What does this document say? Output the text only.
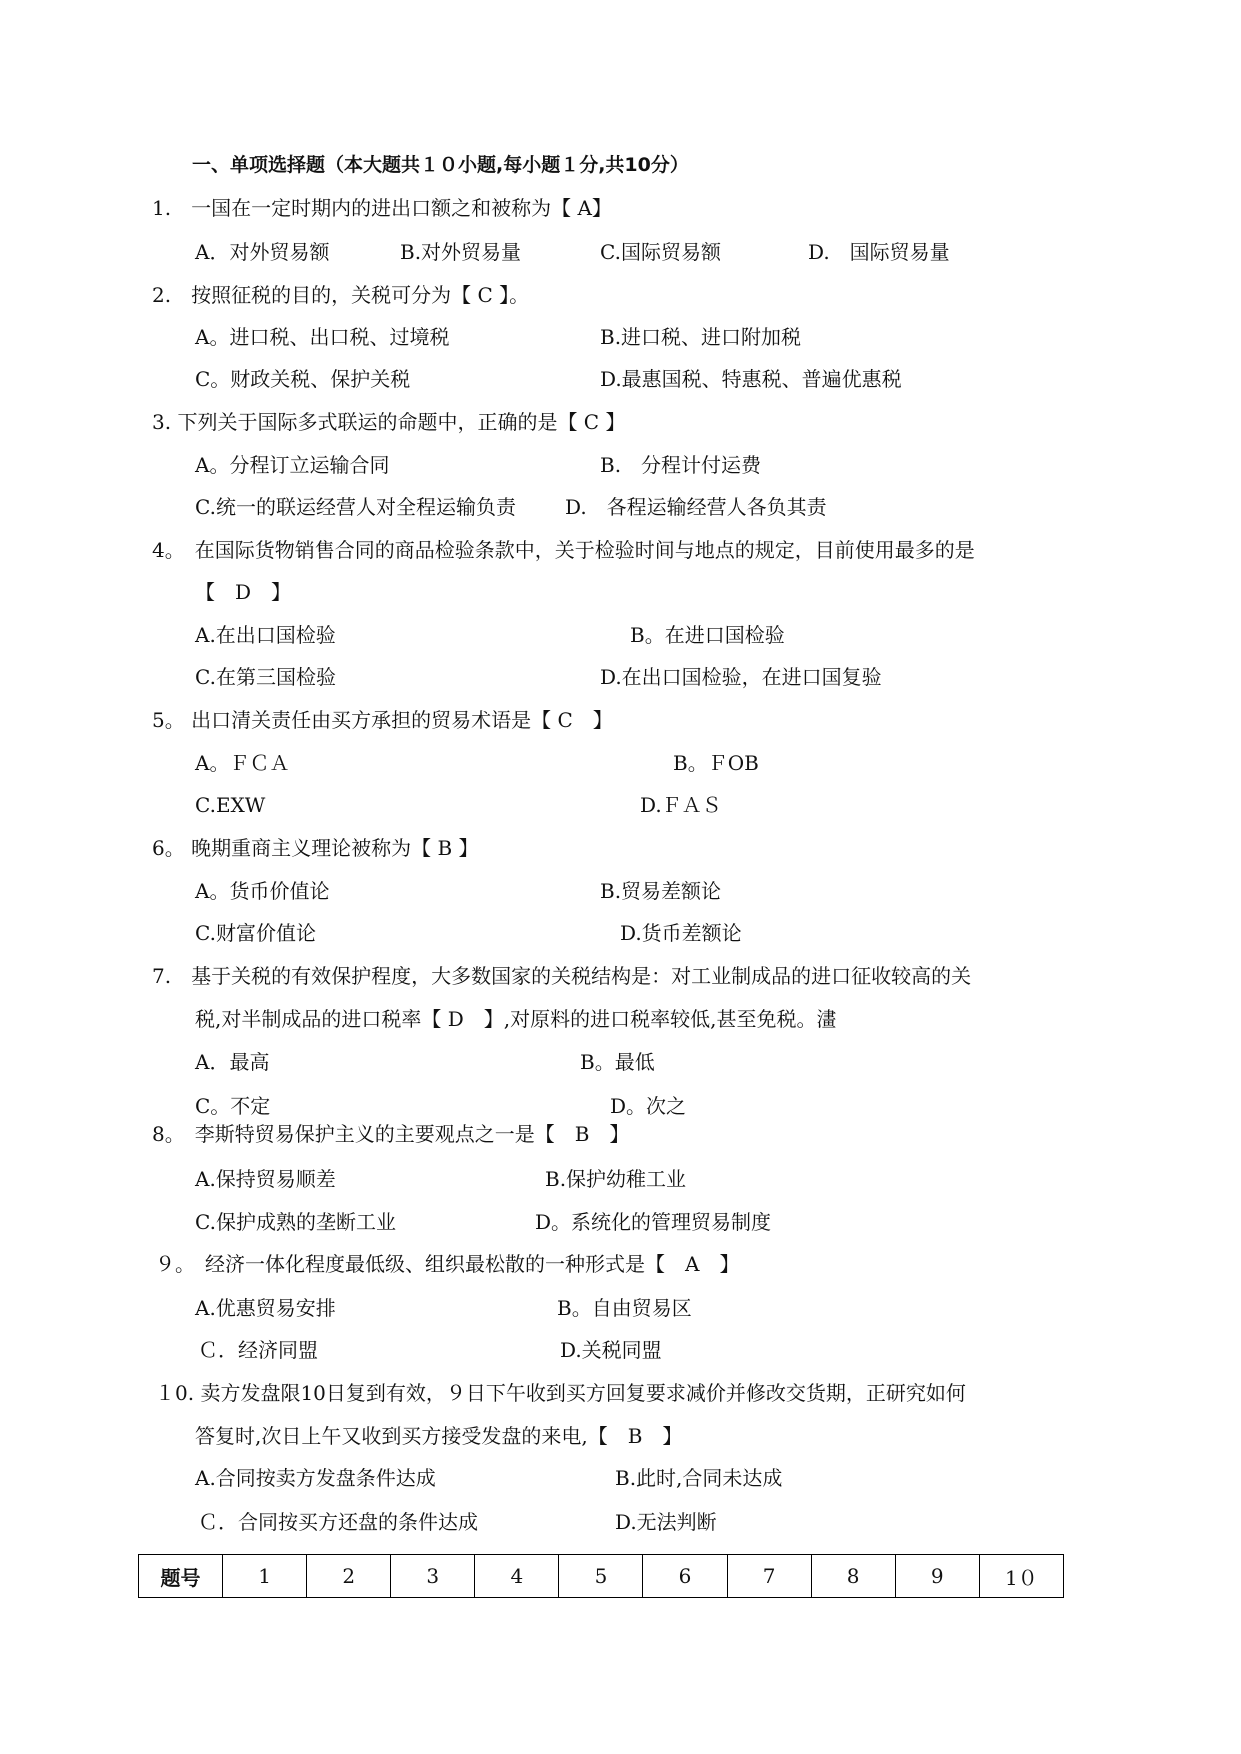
一、单项选择题（本大题共１０小题,每小题１分,共10分）
1.　一国在一定时期内的进出口额之和被称为【 A】
A．对外贸易额	B.对外贸易量	C.国际贸易额	D.　国际贸易量
2.　按照征税的目的，关税可分为【 C 】。
A。进口税、出口税、过境税	B.进口税、进口附加税
C。财政关税、保护关税	D.最惠国税、特惠税、普遍优惠税
3. 下列关于国际多式联运的命题中，正确的是【 C 】
A。分程订立运输合同	B.　分程计付运费
C.统一的联运经营人对全程运输负责 D.　各程运输经营人各负其责
4。　在国际货物销售合同的商品检验条款中，关于检验时间与地点的规定，目前使用最多的是
【　D　】
A.在出口国检验	B。在进口国检验
C.在第三国检验	D.在出口国检验，在进口国复验
5。 出口清关责任由买方承担的贸易术语是【 C　】
A。ＦＣＡ	B。ＦOB
C.EXW	D.ＦＡＳ
6。 晚期重商主义理论被称为【 B 】
A。货币价值论	B.贸易差额论
C.财富价值论	D.货币差额论
7.　基于关税的有效保护程度，大多数国家的关税结构是：对工业制成品的进口征收较高的关
税,对半制成品的进口税率【 D　】,对原料的进口税率较低,甚至免税。澅
A．最高	B。最低
C。不定	D。次之
8。　李斯特贸易保护主义的主要观点之一是【　B　】
A.保持贸易顺差	B.保护幼稚工业
C.保护成熟的垄断工业	D。系统化的管理贸易制度
９。　经济一体化程度最低级、组织最松散的一种形式是【　A　】
A.优惠贸易安排	B。自由贸易区
Ｃ．经济同盟	D.关税同盟
１0. 卖方发盘限10日复到有效，９日下午收到买方回复要求减价并修改交货期，正研究如何
答复时,次日上午又收到买方接受发盘的来电,【　B　】
A.合同按卖方发盘条件达成	B.此时,合同未达成
Ｃ．合同按买方还盘的条件达成	D.无法判断
题号	1	2	3	4	5	6	7	8	9	1０
